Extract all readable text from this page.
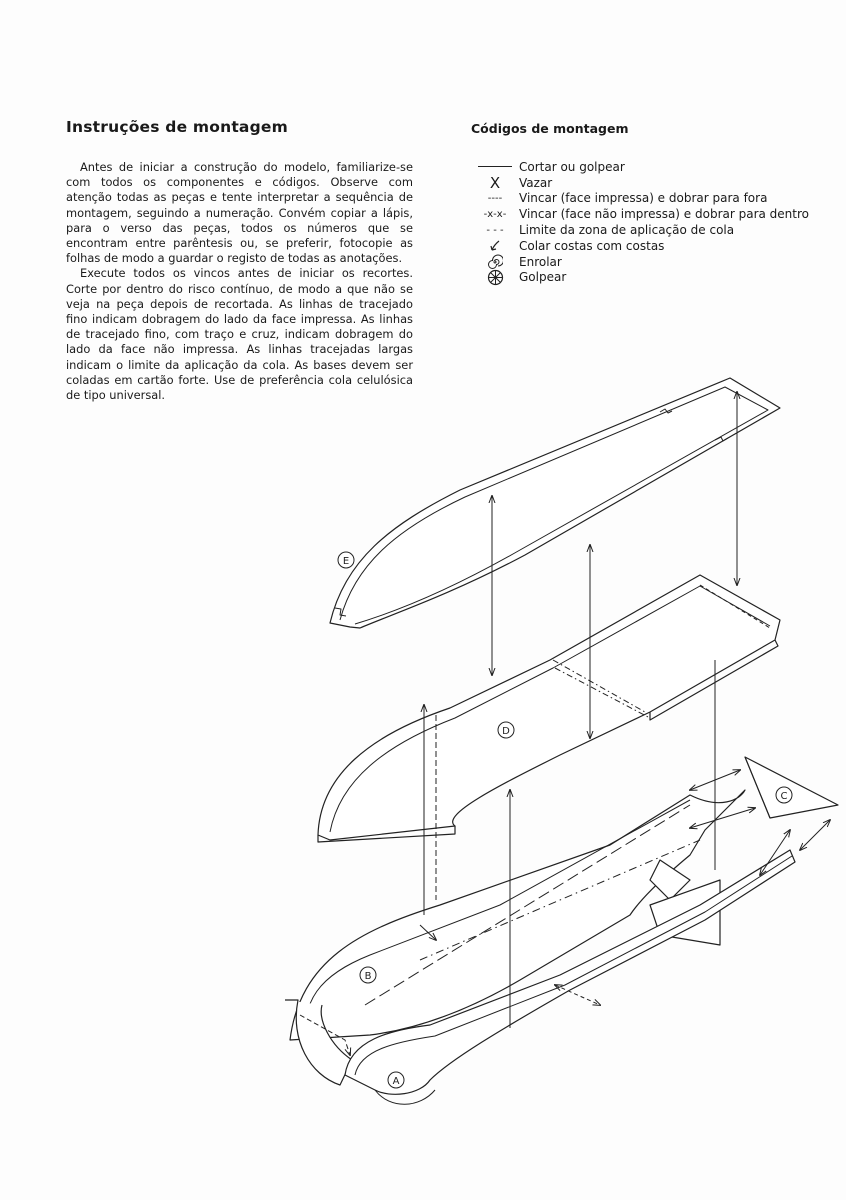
Instruções de montagem

Antes de iniciar a construção do modelo, familiarize-se com todos os componentes e códigos. Observe com atenção todas as peças e tente interpretar a sequência de montagem, seguindo a numeração. Convém copiar a lápis, para o verso das peças, todos os números que se encontram entre parêntesis ou, se preferir, fotocopie as folhas de modo a guardar o registo de todas as anotações.

Execute todos os vincos antes de iniciar os recortes. Corte por dentro do risco contínuo, de modo a que não se veja na peça depois de recortada. As linhas de tracejado fino indicam dobragem do lado da face impressa. As linhas de tracejado fino, com traço e cruz, indicam dobragem do lado da face não impressa. As linhas tracejadas largas indicam o limite da aplicação da cola. As bases devem ser coladas em cartão forte. Use de preferência cola celulósica de tipo universal.

Códigos de montagem
Cortar ou golpear
X	Vazar
----	Vincar (face impressa) e dobrar para fora
-x-x-	Vincar (face não impressa) e dobrar para dentro
- - -	Limite da zona de aplicação de cola
Colar costas com costas
Enrolar
Golpear
E
D
C
B
A
